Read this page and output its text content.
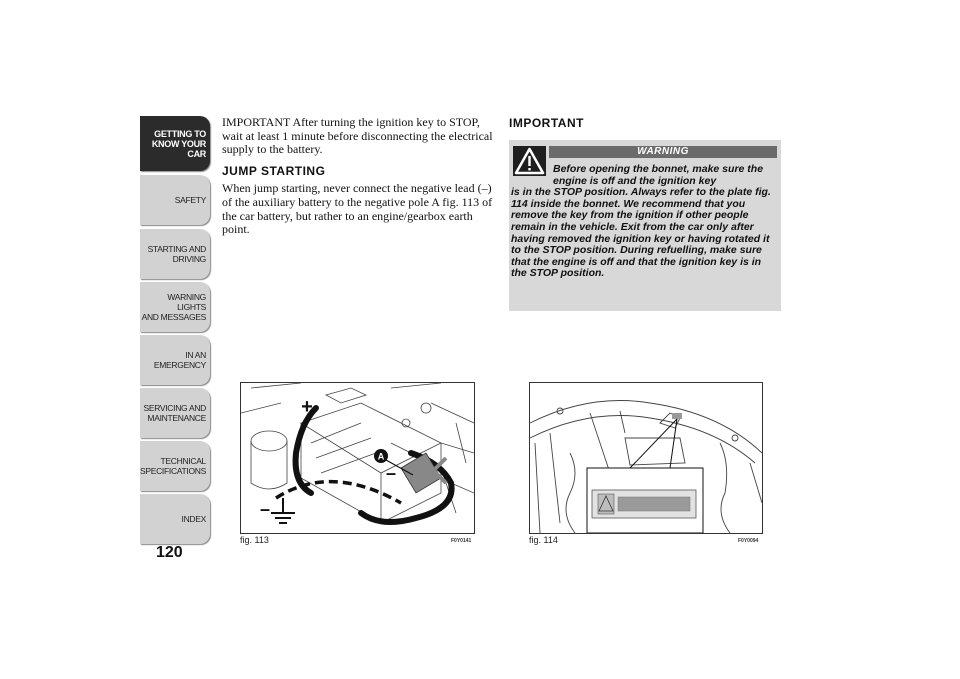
GETTING TO
KNOW YOUR CAR
SAFETY
STARTING AND
DRIVING
WARNING LIGHTS
AND MESSAGES
IN AN EMERGENCY
SERVICING AND
MAINTENANCE
TECHNICAL
SPECIFICATIONS
INDEX
120

IMPORTANT After turning the ignition key to STOP, wait at least 1 minute before disconnecting the electrical supply to the battery.

JUMP STARTING

When jump starting, never connect the negative lead (–) of the auxiliary battery to the negative pole A fig. 113 of the car battery, but rather to an engine/gearbox earth point.

IMPORTANT
WARNING
Before opening the bonnet, make sure the engine is off and the ignition key
is in the STOP position. Always refer to the plate fig. 114 inside the bonnet. We recommend that you remove the key from the ignition if other people remain in the vehicle. Exit from the car only after having removed the ignition key or having rotated it to the STOP position. During refuelling, make sure that the engine is off and that the ignition key is in the STOP position.
A
+
–
–
fig. 113	F0Y0141	fig. 114	F0Y0094
